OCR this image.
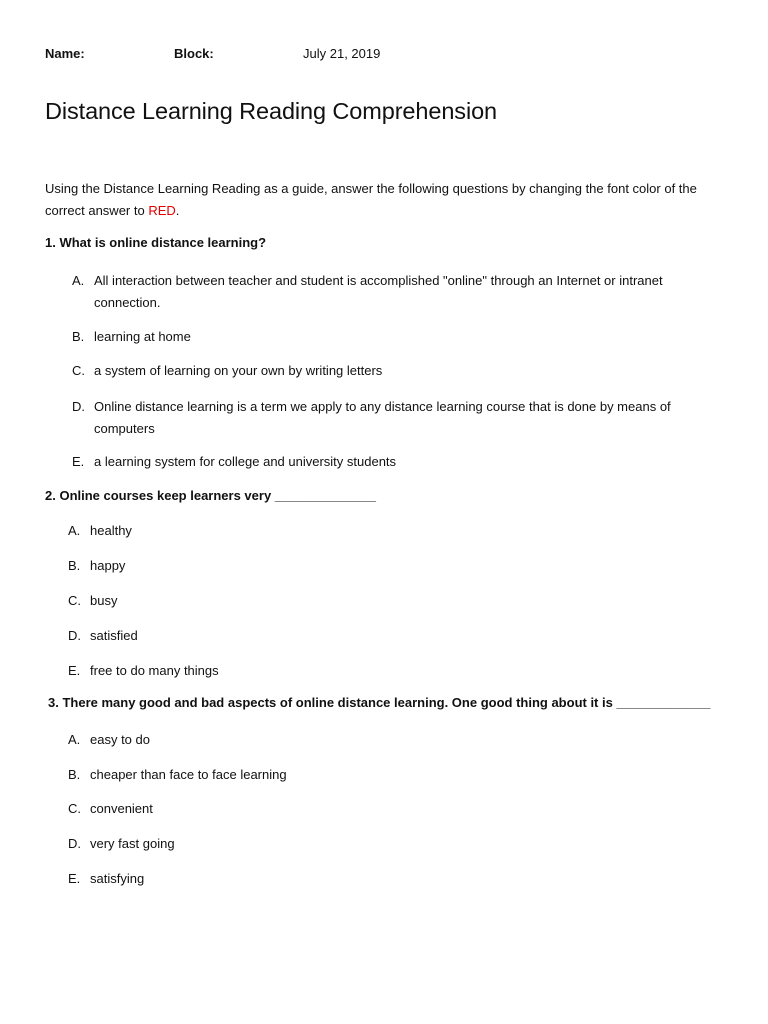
Name:	Block:	July 21, 2019
Distance Learning Reading Comprehension

Using the Distance Learning Reading as a guide, answer the following questions by changing the font color of the correct answer to RED.

1. What is online distance learning?

A. All interaction between teacher and student is accomplished "online" through an Internet or intranet connection.
B. learning at home
C. a system of learning on your own by writing letters
D. Online distance learning is a term we apply to any distance learning course that is done by means of computers
E. a learning system for college and university students

2. Online courses keep learners very ______________

A. healthy
B. happy
C. busy
D. satisfied
E. free to do many things

3. There many good and bad aspects of online distance learning. One good thing about it is _____________

A. easy to do
B. cheaper than face to face learning
C. convenient
D. very fast going
E. satisfying
